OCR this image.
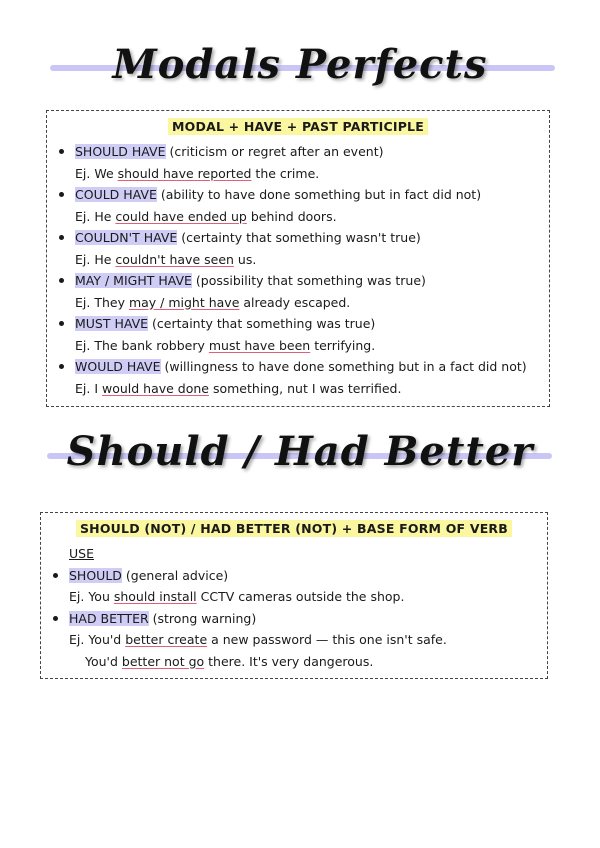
Modals Perfects
MODAL + HAVE + PAST PARTICIPLE
SHOULD HAVE (criticism or regret after an event)
Ej. We should have reported the crime.
COULD HAVE (ability to have done something but in fact did not)
Ej. He could have ended up behind doors.
COULDN'T HAVE (certainty that something wasn't true)
Ej. He couldn't have seen us.
MAY / MIGHT HAVE (possibility that something was true)
Ej. They may / might have already escaped.
MUST HAVE (certainty that something was true)
Ej. The bank robbery must have been terrifying.
WOULD HAVE (willingness to have done something but in a fact did not)
Ej. I would have done something, nut I was terrified.
Should / Had Better
SHOULD (NOT) / HAD BETTER (NOT) + BASE FORM OF VERB
USE
SHOULD (general advice)
Ej. You should install CCTV cameras outside the shop.
HAD BETTER (strong warning)
Ej. You'd better create a new password — this one isn't safe.
You'd better not go there. It's very dangerous.
